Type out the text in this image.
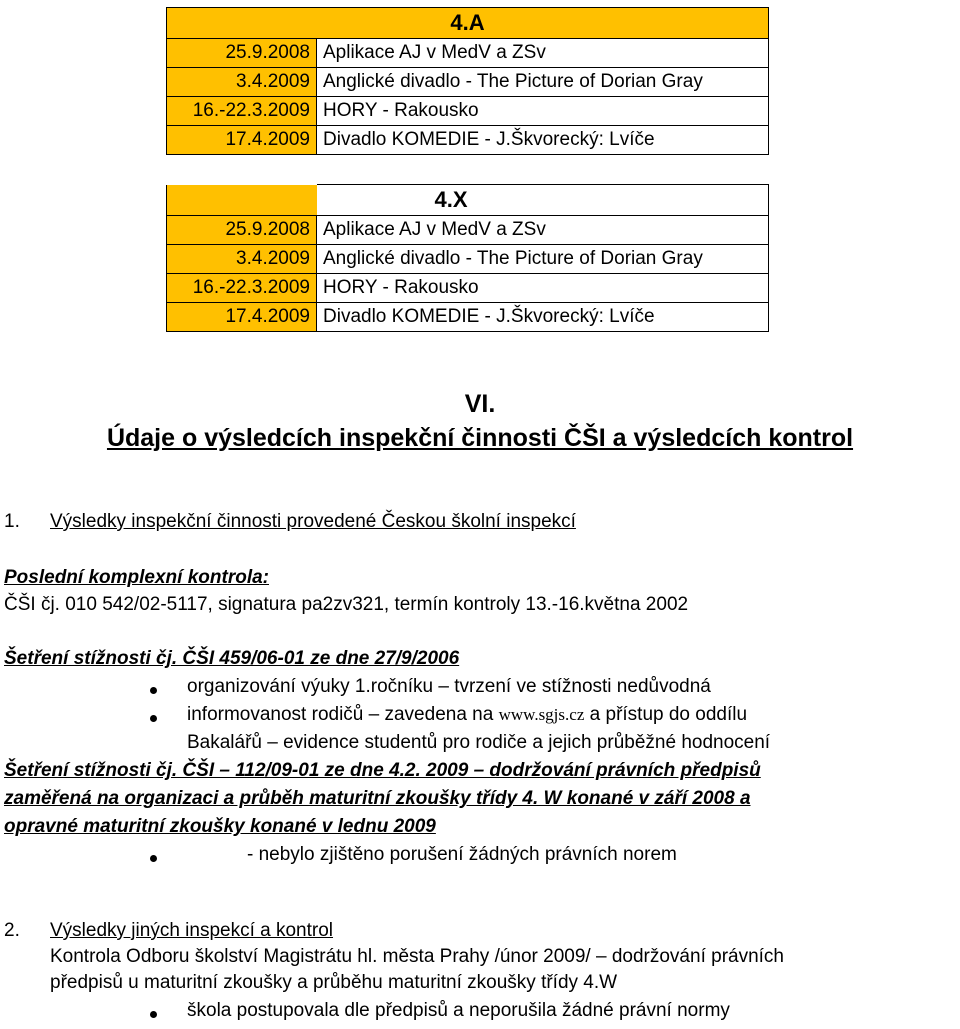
4.A	
25.9.2008	Aplikace AJ v MedV a ZSv
3.4.2009	Anglické divadlo - The Picture of Dorian Gray
16.-22.3.2009	HORY - Rakousko
17.4.2009	Divadlo KOMEDIE - J.Škvorecký: Lvíče
	4.X
25.9.2008	Aplikace AJ v MedV a ZSv
3.4.2009	Anglické divadlo - The Picture of Dorian Gray
16.-22.3.2009	HORY - Rakousko
17.4.2009	Divadlo KOMEDIE - J.Škvorecký: Lvíče
VI.
Údaje o výsledcích inspekční činnosti ČŠI a výsledcích kontrol
1. Výsledky inspekční činnosti provedené Českou školní inspekcí
Poslední komplexní kontrola:
ČŠI čj. 010 542/02-5117, signatura pa2zv321, termín kontroly 13.-16.května 2002
Šetření stížnosti čj. ČŠI 459/06-01 ze dne 27/9/2006
organizování výuky 1.ročníku – tvrzení ve stížnosti nedůvodná
informovanost rodičů – zavedena na www.sgjs.cz a přístup do oddílu
Bakalářů – evidence studentů pro rodiče a jejich průběžné hodnocení
Šetření stížnosti čj. ČŠI – 112/09-01 ze dne 4.2. 2009 – dodržování právních předpisů
zaměřená na organizaci a průběh maturitní zkoušky třídy 4. W konané v září 2008 a
opravné maturitní zkoušky konané v lednu 2009
- nebylo zjištěno porušení žádných právních norem
2. Výsledky jiných inspekcí a kontrol
Kontrola Odboru školství Magistrátu hl. města Prahy /únor 2009/ – dodržování právních
předpisů u maturitní zkoušky a průběhu maturitní zkoušky třídy 4.W
škola postupovala dle předpisů a neporušila žádné právní normy
